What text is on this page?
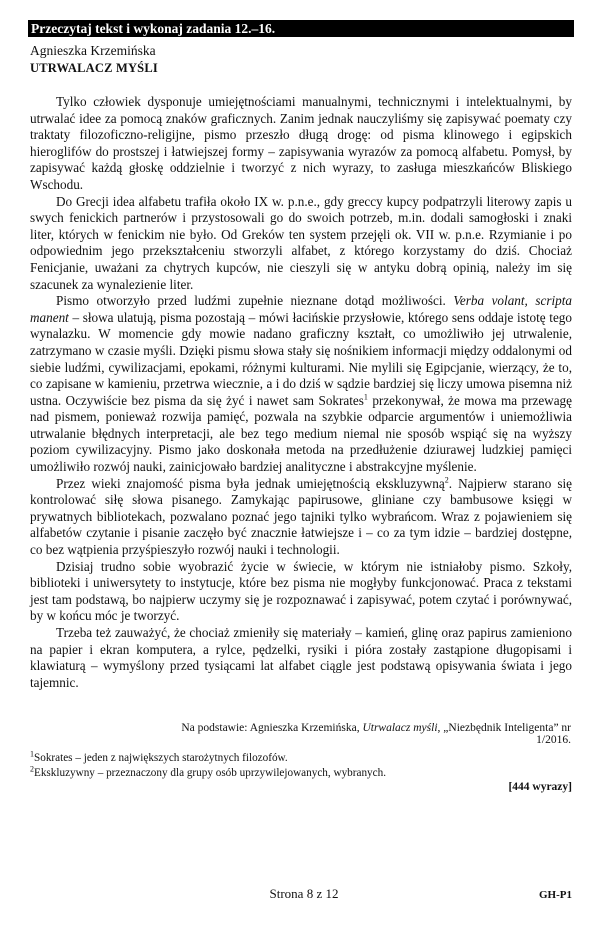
Przeczytaj tekst i wykonaj zadania 12.–16.
Agnieszka Krzemińska
UTRWALACZ MYŚLI

Tylko człowiek dysponuje umiejętnościami manualnymi, technicznymi i intelektualnymi, by utrwalać idee za pomocą znaków graficznych. Zanim jednak nauczyliśmy się zapisywać poematy czy traktaty filozoficzno-religijne, pismo przeszło długą drogę: od pisma klinowego i egipskich hieroglifów do prostszej i łatwiejszej formy – zapisywania wyrazów za pomocą alfabetu. Pomysł, by zapisywać każdą głoskę oddzielnie i tworzyć z nich wyrazy, to zasługa mieszkańców Bliskiego Wschodu.

Do Grecji idea alfabetu trafiła około IX w. p.n.e., gdy greccy kupcy podpatrzyli literowy zapis u swych fenickich partnerów i przystosowali go do swoich potrzeb, m.in. dodali samogłoski i znaki liter, których w fenickim nie było. Od Greków ten system przejęli ok. VII w. p.n.e. Rzymianie i po odpowiednim jego przekształceniu stworzyli alfabet, z którego korzystamy do dziś. Chociaż Fenicjanie, uważani za chytrych kupców, nie cieszyli się w antyku dobrą opinią, należy im się szacunek za wynalezienie liter.

Pismo otworzyło przed ludźmi zupełnie nieznane dotąd możliwości. Verba volant, scripta manent – słowa ulatują, pisma pozostają – mówi łacińskie przysłowie, którego sens oddaje istotę tego wynalazku. W momencie gdy mowie nadano graficzny kształt, co umożliwiło jej utrwalenie, zatrzymano w czasie myśli. Dzięki pismu słowa stały się nośnikiem informacji między oddalonymi od siebie ludźmi, cywilizacjami, epokami, różnymi kulturami. Nie mylili się Egipcjanie, wierzący, że to, co zapisane w kamieniu, przetrwa wiecznie, a i do dziś w sądzie bardziej się liczy umowa pisemna niż ustna. Oczywiście bez pisma da się żyć i nawet sam Sokrates$^1$ przekonywał, że mowa ma przewagę nad pismem, ponieważ rozwija pamięć, pozwala na szybkie odparcie argumentów i uniemożliwia utrwalanie błędnych interpretacji, ale bez tego medium niemal nie sposób wspiąć się na wyższy poziom cywilizacyjny. Pismo jako doskonała metoda na przedłużenie dziurawej ludzkiej pamięci umożliwiło rozwój nauki, zainicjowało bardziej analityczne i abstrakcyjne myślenie.

Przez wieki znajomość pisma była jednak umiejętnością ekskluzywną$^2$. Najpierw starano się kontrolować siłę słowa pisanego. Zamykając papirusowe, gliniane czy bambusowe księgi w prywatnych bibliotekach, pozwalano poznać jego tajniki tylko wybrańcom. Wraz z pojawieniem się alfabetów czytanie i pisanie zaczęło być znacznie łatwiejsze i – co za tym idzie – bardziej dostępne, co bez wątpienia przyśpieszyło rozwój nauki i technologii.

Dzisiaj trudno sobie wyobrazić życie w świecie, w którym nie istniałoby pismo. Szkoły, biblioteki i uniwersytety to instytucje, które bez pisma nie mogłyby funkcjonować. Praca z tekstami jest tam podstawą, bo najpierw uczymy się je rozpoznawać i zapisywać, potem czytać i porównywać, by w końcu móc je tworzyć.

Trzeba też zauważyć, że chociaż zmieniły się materiały – kamień, glinę oraz papirus zamieniono na papier i ekran komputera, a rylce, pędzelki, rysiki i pióra zostały zastąpione długopisami i klawiaturą – wymyślony przed tysiącami lat alfabet ciągle jest podstawą opisywania świata i jego tajemnic.

Na podstawie: Agnieszka Krzemińska, Utrwalacz myśli, „Niezbędnik Inteligenta” nr 1/2016.
$^1$Sokrates – jeden z największych starożytnych filozofów.
$^2$Ekskluzywny – przeznaczony dla grupy osób uprzywilejowanych, wybranych.
[444 wyrazy]
Strona 8 z 12	GH-P1
